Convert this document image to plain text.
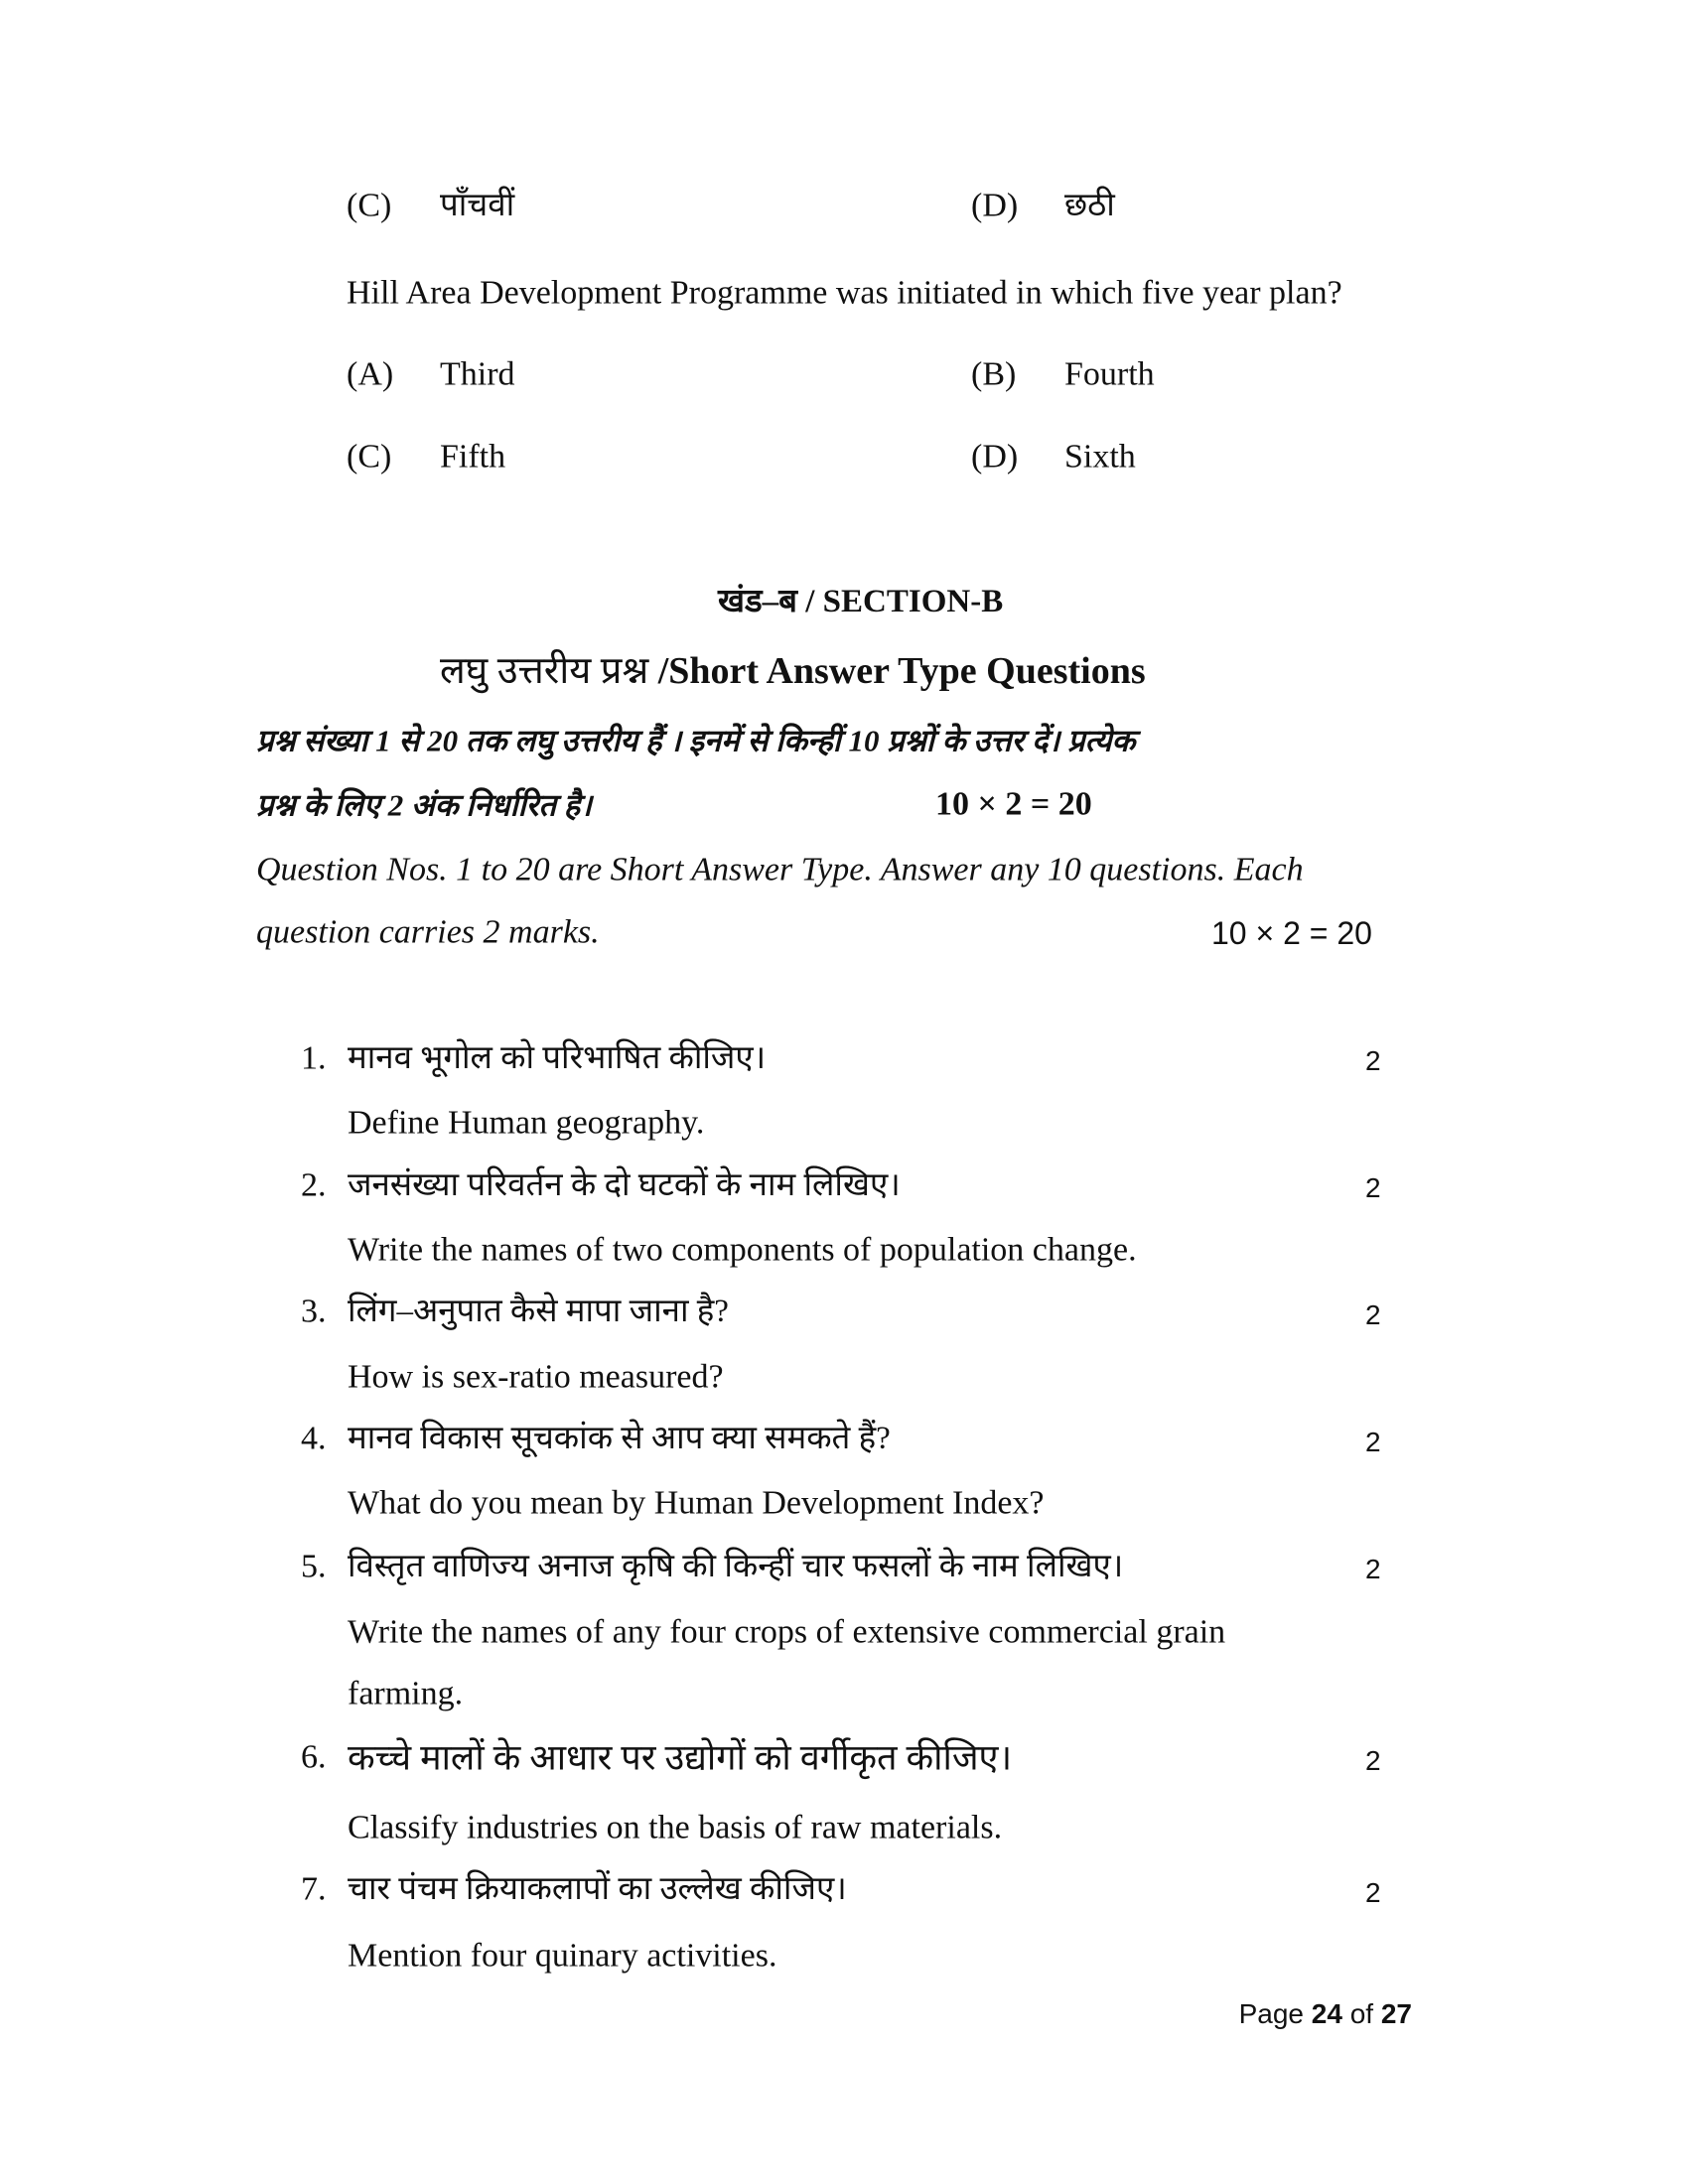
(C) पाँचवीं	(D) छठी
Hill Area Development Programme was initiated in which five year plan?
(A) Third	(B) Fourth
(C) Fifth	(D) Sixth
खंड–ब / SECTION-B
लघु उत्तरीय प्रश्न /Short Answer Type Questions
प्रश्न संख्या 1 से 20 तक लघु उत्तरीय हैं । इनमें से किन्हीं 10 प्रश्नों के उत्तर दें। प्रत्येक
प्रश्न के लिए 2 अंक निर्धारित है।	10 × 2 = 20
Question Nos. 1 to 20 are Short Answer Type. Answer any 10 questions. Each
question carries 2 marks.	10 × 2 = 20
1. मानव भूगोल को परिभाषित कीजिए।	2
Define Human geography.
2. जनसंख्या परिवर्तन के दो घटकों के नाम लिखिए।	2
Write the names of two components of population change.
3. लिंग–अनुपात कैसे मापा जाना है?	2
How is sex-ratio measured?
4. मानव विकास सूचकांक से आप क्या समकते हैं?	2
What do you mean by Human Development Index?
5. विस्तृत वाणिज्य अनाज कृषि की किन्हीं चार फसलों के नाम लिखिए।	2
Write the names of any four crops of extensive commercial grain
farming.
6. कच्चे मालों के आधार पर उद्योगों को वर्गीकृत कीजिए।	2
Classify industries on the basis of raw materials.
7. चार पंचम क्रियाकलापों का उल्लेख कीजिए।	2
Mention four quinary activities.
Page 24 of 27
